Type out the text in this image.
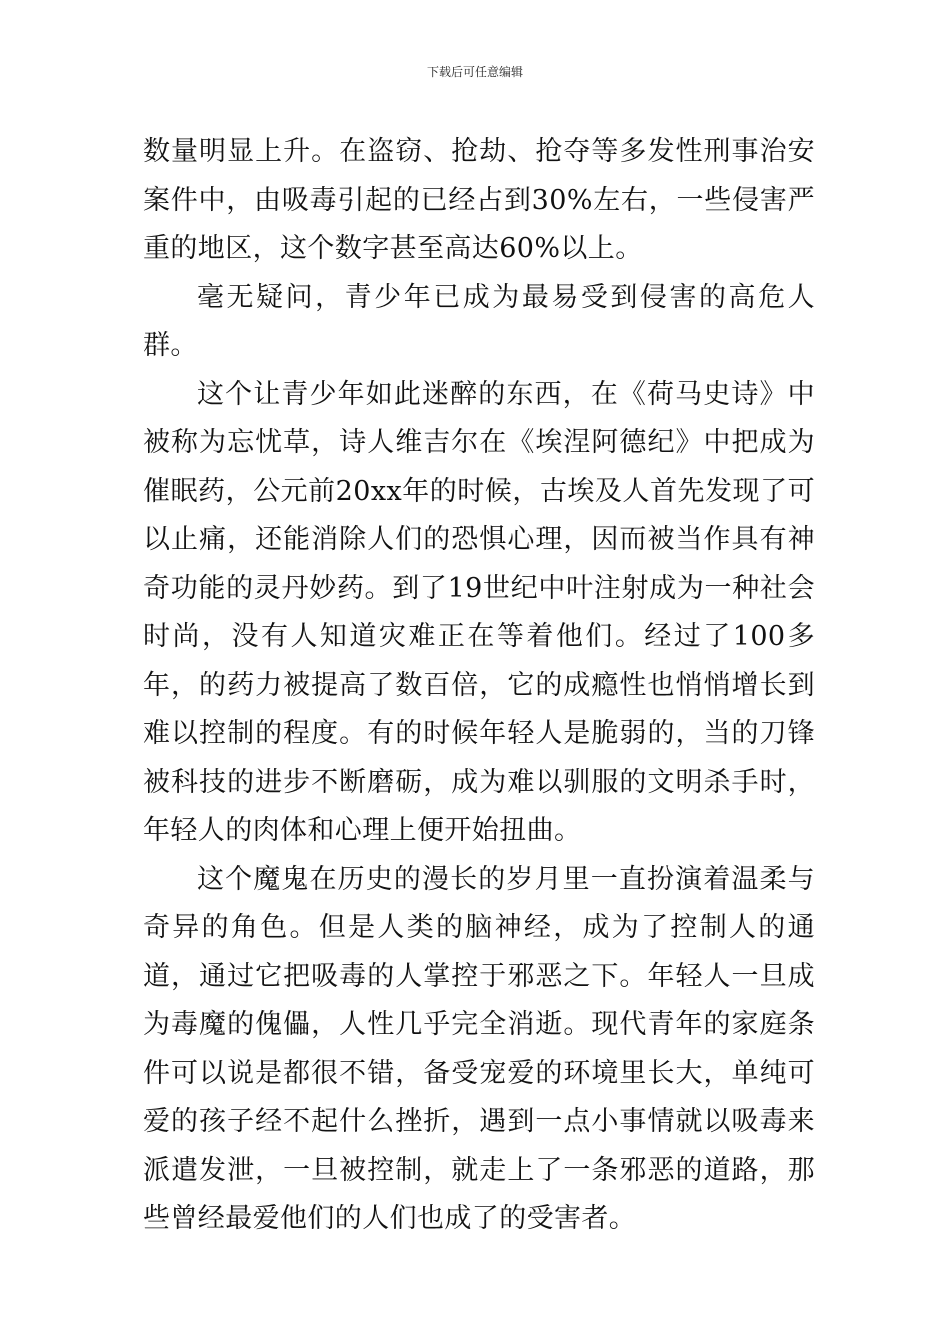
下载后可任意编辑

数量明显上升。在盗窃、抢劫、抢夺等多发性刑事治安案件中，由吸毒引起的已经占到30%左右，一些侵害严重的地区，这个数字甚至高达60%以上。

毫无疑问，青少年已成为最易受到侵害的高危人群。

这个让青少年如此迷醉的东西，在《荷马史诗》中被称为忘忧草，诗人维吉尔在《埃涅阿德纪》中把成为催眠药，公元前20xx年的时候，古埃及人首先发现了可以止痛，还能消除人们的恐惧心理，因而被当作具有神奇功能的灵丹妙药。到了19世纪中叶注射成为一种社会时尚，没有人知道灾难正在等着他们。经过了100多年，的药力被提高了数百倍，它的成瘾性也悄悄增长到难以控制的程度。有的时候年轻人是脆弱的，当的刀锋被科技的进步不断磨砺，成为难以驯服的文明杀手时，年轻人的肉体和心理上便开始扭曲。

这个魔鬼在历史的漫长的岁月里一直扮演着温柔与奇异的角色。但是人类的脑神经，成为了控制人的通道，通过它把吸毒的人掌控于邪恶之下。年轻人一旦成为毒魔的傀儡，人性几乎完全消逝。现代青年的家庭条件可以说是都很不错，备受宠爱的环境里长大，单纯可爱的孩子经不起什么挫折，遇到一点小事情就以吸毒来派遣发泄，一旦被控制，就走上了一条邪恶的道路，那些曾经最爱他们的人们也成了的受害者。
